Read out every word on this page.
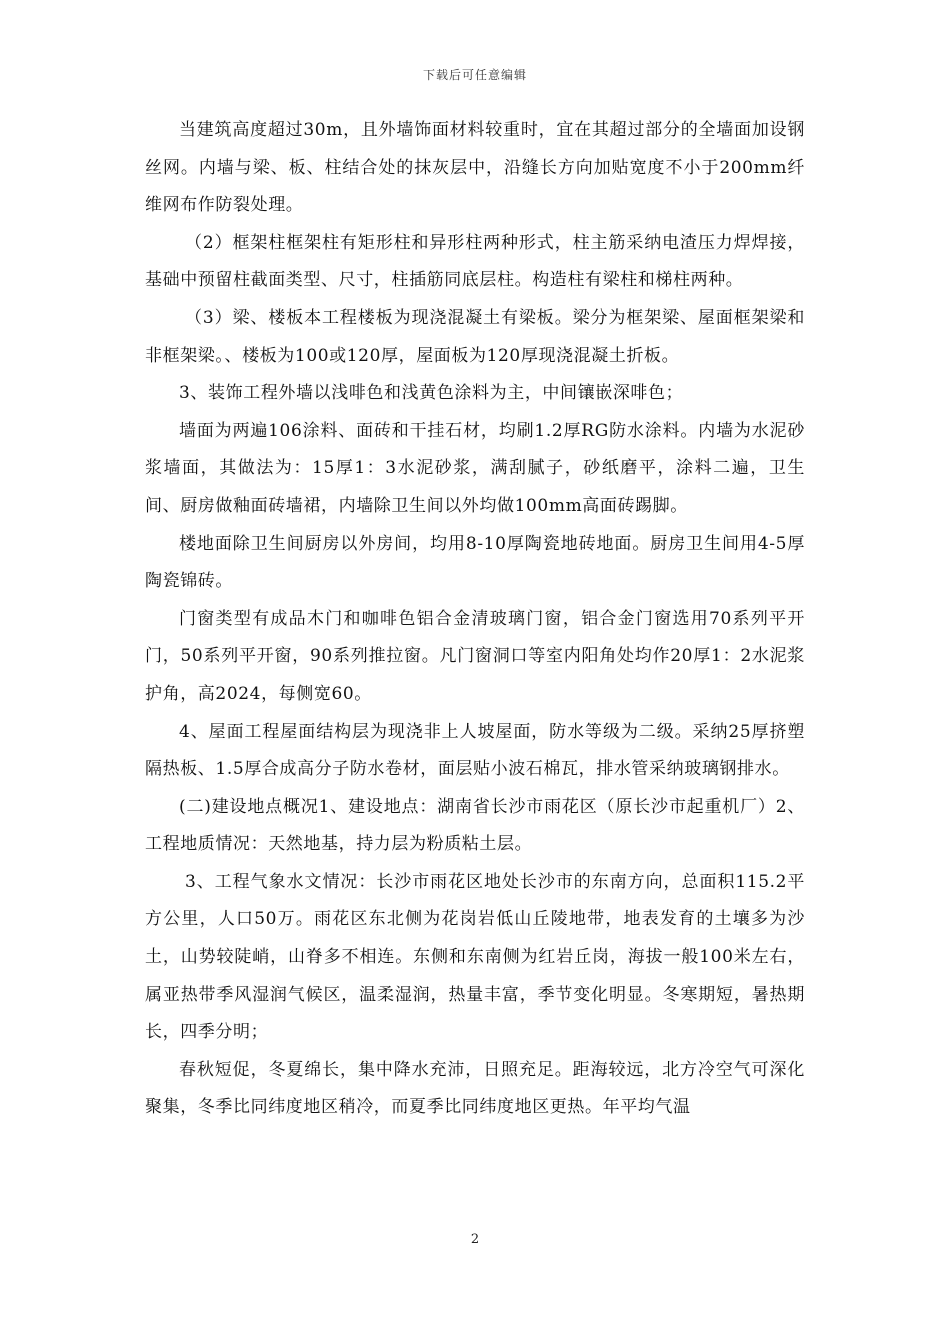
下载后可任意编辑

当建筑高度超过30m，且外墙饰面材料较重时，宜在其超过部分的全墙面加设钢丝网。内墙与梁、板、柱结合处的抹灰层中，沿缝长方向加贴宽度不小于200mm纤维网布作防裂处理。

（2）框架柱框架柱有矩形柱和异形柱两种形式，柱主筋采纳电渣压力焊焊接，基础中预留柱截面类型、尺寸，柱插筋同底层柱。构造柱有梁柱和梯柱两种。

（3）梁、楼板本工程楼板为现浇混凝土有梁板。梁分为框架梁、屋面框架梁和非框架梁。、楼板为100或120厚，屋面板为120厚现浇混凝土折板。

3、装饰工程外墙以浅啡色和浅黄色涂料为主，中间镶嵌深啡色；

墙面为两遍106涂料、面砖和干挂石材，均刷1.2厚RG防水涂料。内墙为水泥砂浆墙面，其做法为：15厚1：3水泥砂浆，满刮腻子，砂纸磨平，涂料二遍，卫生间、厨房做釉面砖墙裙，内墙除卫生间以外均做100mm高面砖踢脚。

楼地面除卫生间厨房以外房间，均用8-10厚陶瓷地砖地面。厨房卫生间用4-5厚陶瓷锦砖。

门窗类型有成品木门和咖啡色铝合金清玻璃门窗，铝合金门窗选用70系列平开门，50系列平开窗，90系列推拉窗。凡门窗洞口等室内阳角处均作20厚1：2水泥浆护角，高2024，每侧宽60。

4、屋面工程屋面结构层为现浇非上人坡屋面，防水等级为二级。采纳25厚挤塑隔热板、1.5厚合成高分子防水卷材，面层贴小波石棉瓦，排水管采纳玻璃钢排水。

(二)建设地点概况1、建设地点：湖南省长沙市雨花区（原长沙市起重机厂）2、工程地质情况：天然地基，持力层为粉质粘土层。

3、工程气象水文情况：长沙市雨花区地处长沙市的东南方向，总面积115.2平方公里，人口50万。雨花区东北侧为花岗岩低山丘陵地带，地表发育的土壤多为沙土，山势较陡峭，山脊多不相连。东侧和东南侧为红岩丘岗，海拔一般100米左右，属亚热带季风湿润气候区，温柔湿润，热量丰富，季节变化明显。冬寒期短，暑热期长，四季分明；

春秋短促，冬夏绵长，集中降水充沛，日照充足。距海较远，北方冷空气可深化聚集，冬季比同纬度地区稍冷，而夏季比同纬度地区更热。年平均气温

2
